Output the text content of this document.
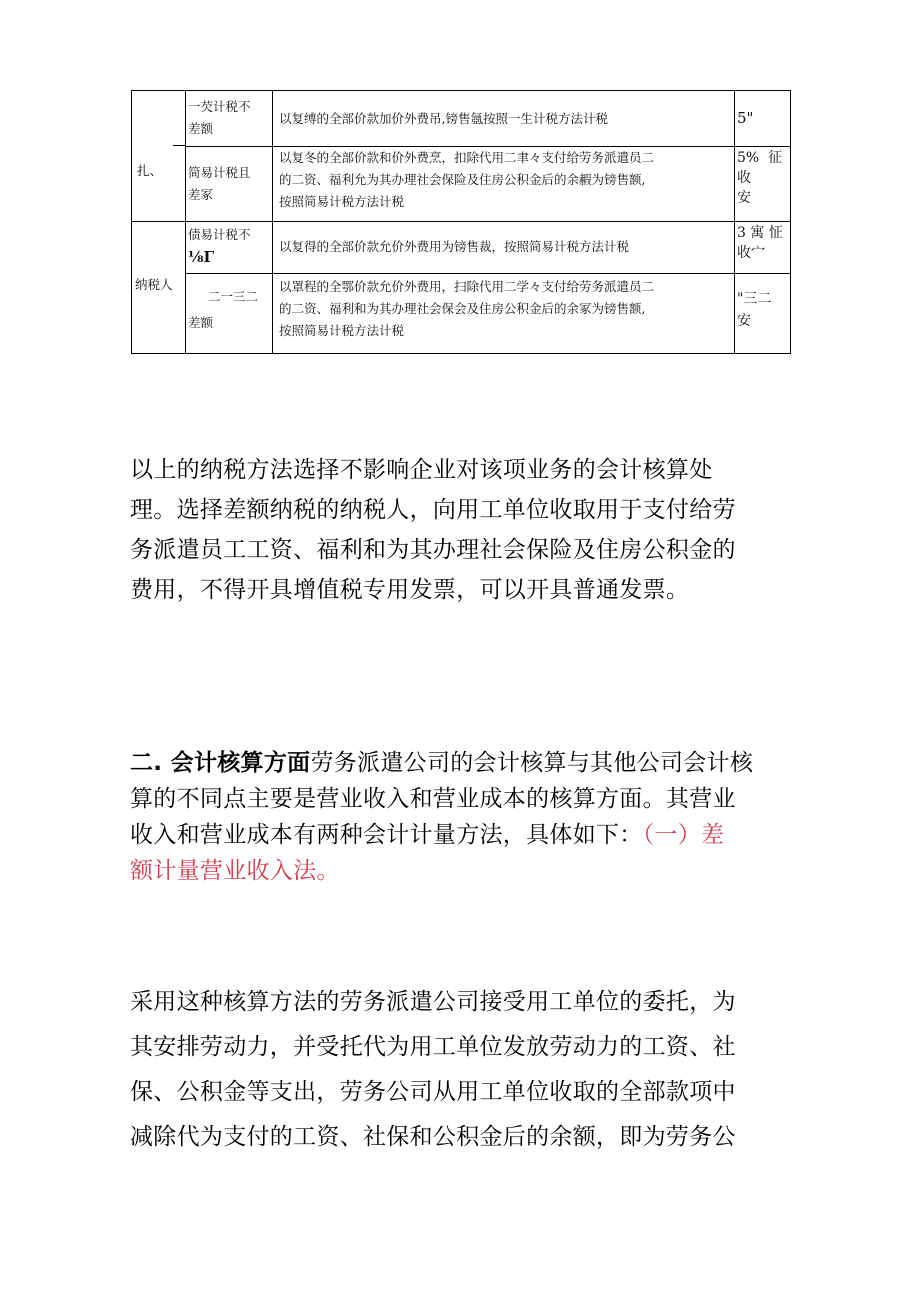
扎、
纳税人
一芡计税不
差额
以复缚的全部价款加价外费吊,镑售氬按照一生计税方法计税	5"
简易计税且
差冢
以复冬的全部价款和价外费烹，扣除代用二聿々支付给劳务派遣员二
的二资、福利允为其办理社会保险及住房公积金后的余赮为镑售额,
按照简易计税方法计税
5%  征
收
安
债易计税不
⅛Γ
以复得的全部价款允价外费用为镑售裁，按照简易计税方法计税
3 寓 怔
收宀
二一三二
差额
以罩程的全鄂价款允价外费用，扫除代用二学々支付给劳务派遣员二
的二资、福利和为其办理社会保会及住房公积金后的余冢为镑售额,
按照简易计税方法计税
"三二
安
以上的纳税方法选择不影响企业对该项业务的会计核算处
理。选择差额纳税的纳税人，向用工单位收取用于支付给劳
务派遣员工工资、福利和为其办理社会保险及住房公积金的
费用，不得开具增值税专用发票，可以开具普通发票。
二. 会计核算方面劳务派遣公司的会计核算与其他公司会计核
算的不同点主要是营业收入和营业成本的核算方面。其营业
收入和营业成本有两种会计计量方法，具体如下：（一）差
额计量营业收入法。
采用这种核算方法的劳务派遣公司接受用工单位的委托，为
其安排劳动力，并受托代为用工单位发放劳动力的工资、社
保、公积金等支出，劳务公司从用工单位收取的全部款项中
减除代为支付的工资、社保和公积金后的余额，即为劳务公
